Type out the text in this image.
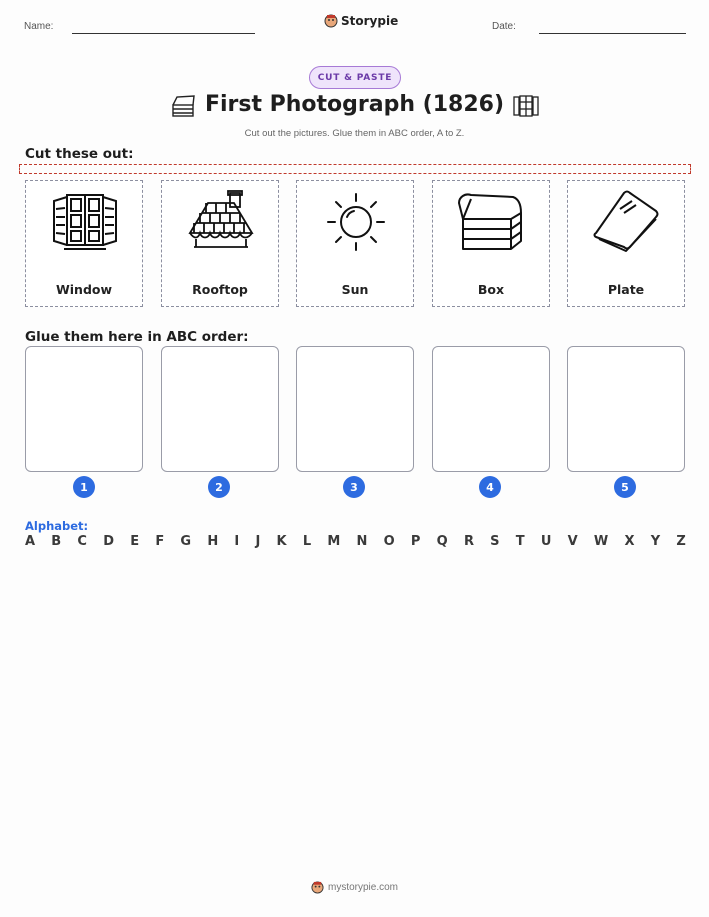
Name:	Storypie	Date:
CUT & PASTE
First Photograph (1826)
Cut out the pictures. Glue them in ABC order, A to Z.
Cut these out:
Window	Rooftop	Sun	Box	Plate
Glue them here in ABC order:
1	2	3	4	5
Alphabet:
A B C D E F G H I J K L M N O P Q R S T U V W X Y Z
mystorypie.com
